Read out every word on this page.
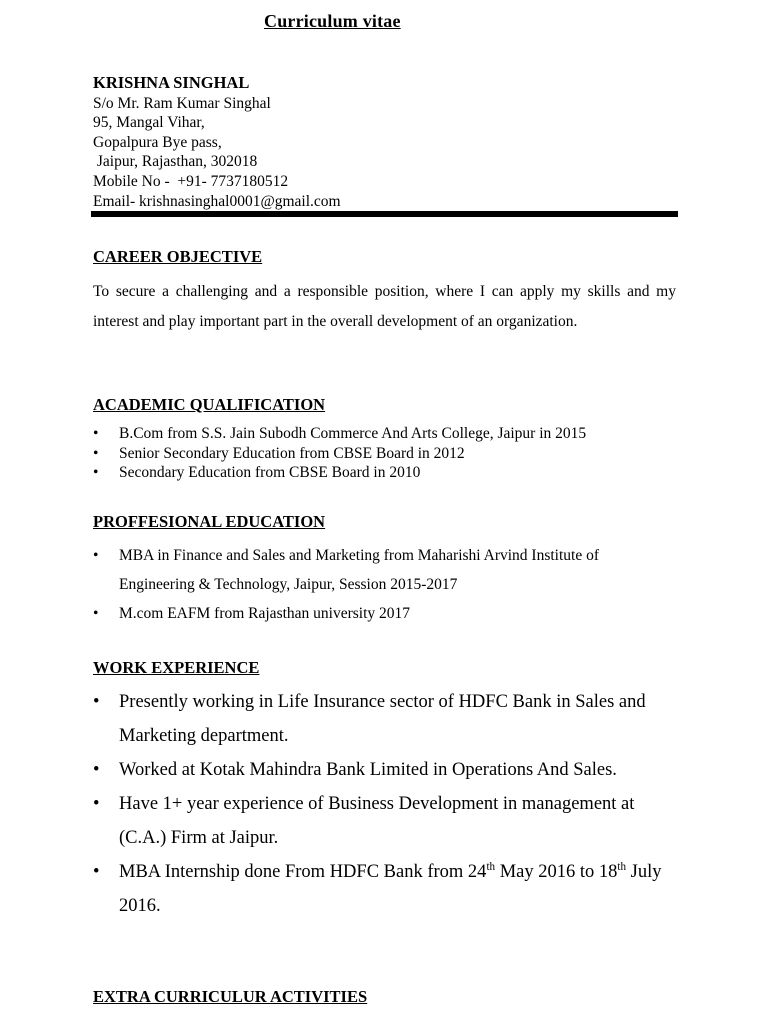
Curriculum vitae
KRISHNA SINGHAL
S/o Mr. Ram Kumar Singhal
95, Mangal Vihar,
Gopalpura Bye pass,
Jaipur, Rajasthan, 302018
Mobile No -  +91- 7737180512
Email- krishnasinghal0001@gmail.com
CAREER OBJECTIVE

To secure a challenging and a responsible position, where I can apply my skills and my interest and play important part in the overall development of an organization.

ACADEMIC QUALIFICATION
• B.Com from S.S. Jain Subodh Commerce And Arts College, Jaipur in 2015
• Senior Secondary Education from CBSE Board in 2012
• Secondary Education from CBSE Board in 2010
PROFFESIONAL EDUCATION
• MBA in Finance and Sales and Marketing from Maharishi Arvind Institute of Engineering & Technology, Jaipur, Session 2015-2017
• M.com EAFM from Rajasthan university 2017
WORK EXPERIENCE
• Presently working in Life Insurance sector of HDFC Bank in Sales and Marketing department.
• Worked at Kotak Mahindra Bank Limited in Operations And Sales.
• Have 1+ year experience of Business Development in management at (C.A.) Firm at Jaipur.
• MBA Internship done From HDFC Bank from 24th May 2016 to 18th July 2016.
EXTRA CURRICULUR ACTIVITIES
